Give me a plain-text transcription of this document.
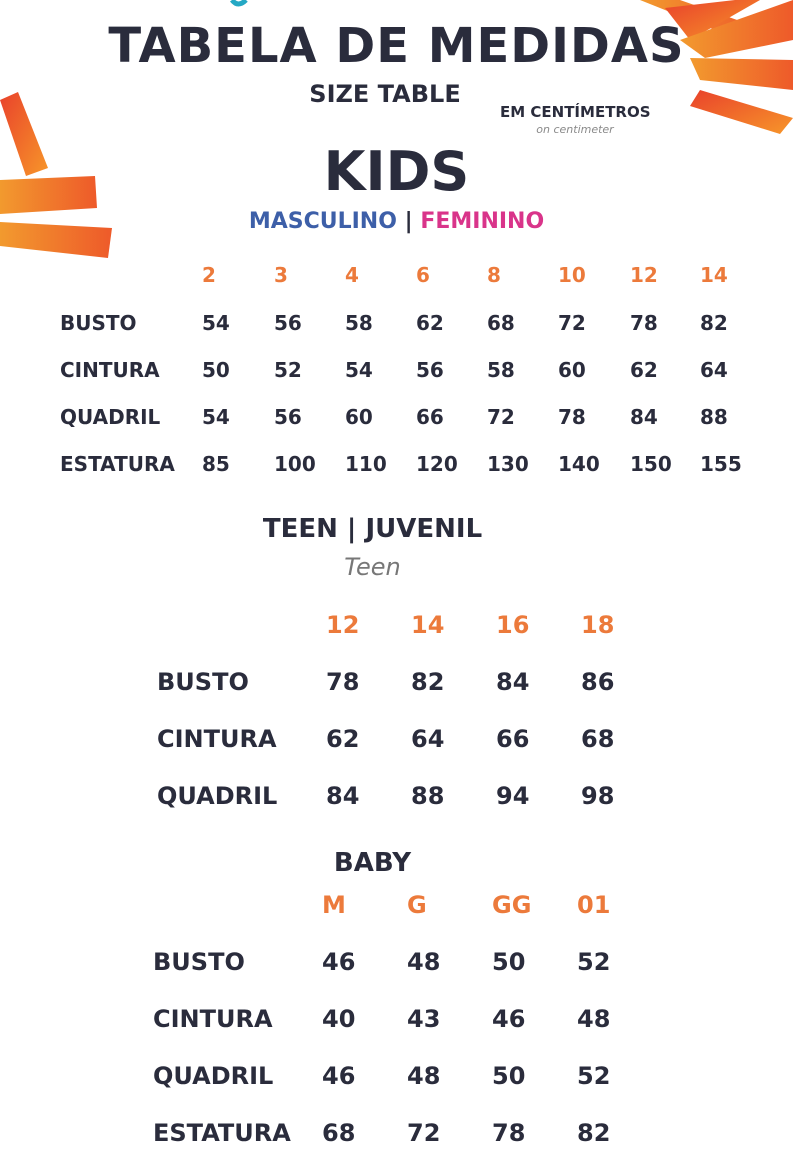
TABELA DE MEDIDAS
SIZE TABLE
EM CENTÍMETROS
on centimeter
KIDS
MASCULINO | FEMININO
2	3	4	6	8	10 12 14
BUSTO	54 56 58 62 68 72 78 82
CINTURA 50 52 54 56 58 60 62 64
QUADRIL 54 56 60 66 72 78 84 88
ESTATURA 85 100 110 120 130 140 150 155
TEEN | JUVENIL
Teen
12 14 16 18
BUSTO	78 82 84 86
CINTURA 62 64 66 68
QUADRIL 84 88 94 98
BABY
M	G	GG 01
BUSTO	46 48 50 52
CINTURA 40 43 46 48
QUADRIL 46 48 50 52
ESTATURA 68 72 78 82
